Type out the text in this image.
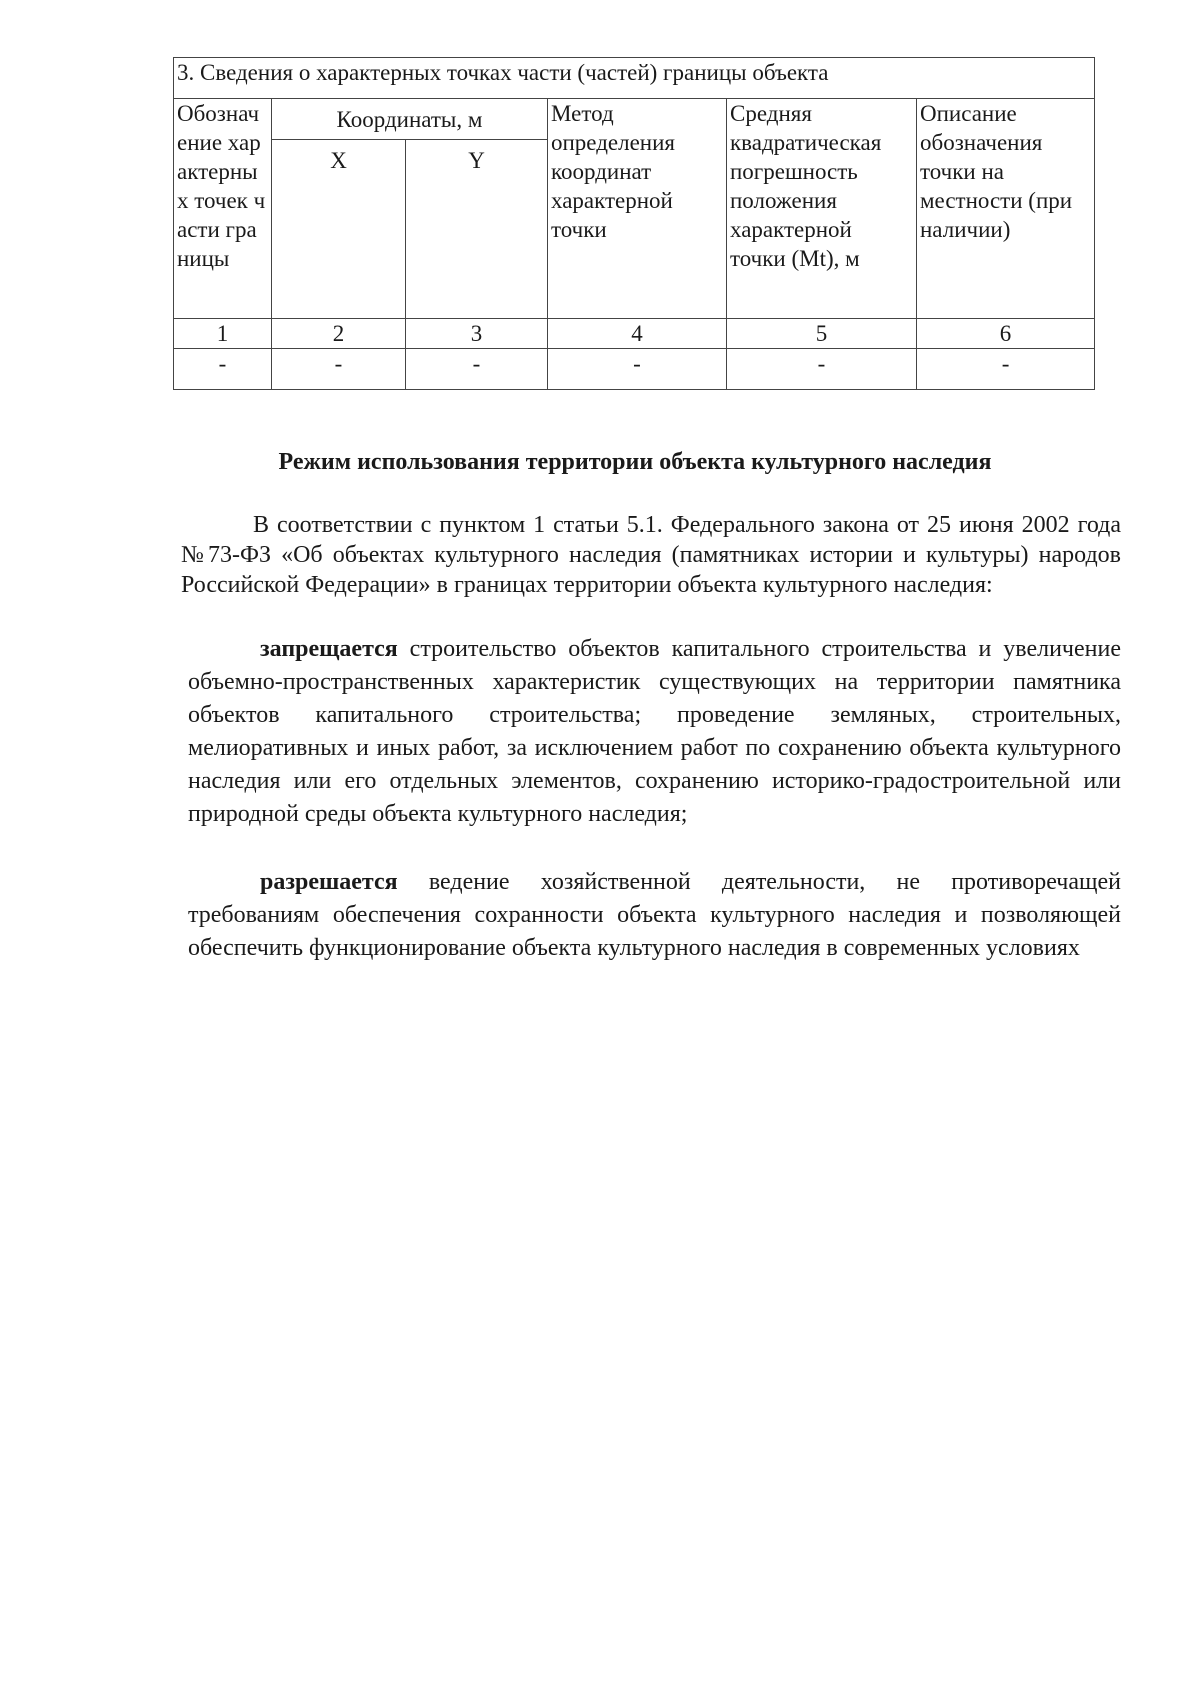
3. Сведения о характерных точках части (частей) границы объекта					
Обозначение характерных точек части границы	Координаты, м		Метод определения координат характерной точки	Средняя квадратическая погрешность положения характерной точки (Mt), м	Описание обозначения точки на местности (при наличии)
	X	Y			
1	2	3	4	5	6
-	-	-	-	-	-
Режим использования территории объекта культурного наследия

В соответствии с пунктом 1 статьи 5.1. Федерального закона от 25 июня 2002 года №73-ФЗ «Об объектах культурного наследия (памятниках истории и культуры) народов Российской Федерации» в границах территории объекта культурного наследия:

запрещается строительство объектов капитального строительства и увеличение объемно-пространственных характеристик существующих на территории памятника объектов капитального строительства; проведение земляных, строительных, мелиоративных и иных работ, за исключением работ по сохранению объекта культурного наследия или его отдельных элементов, сохранению историко-градостроительной или природной среды объекта культурного наследия;

разрешается ведение хозяйственной деятельности, не противоречащей требованиям обеспечения сохранности объекта культурного наследия и позволяющей обеспечить функционирование объекта культурного наследия в современных условиях
